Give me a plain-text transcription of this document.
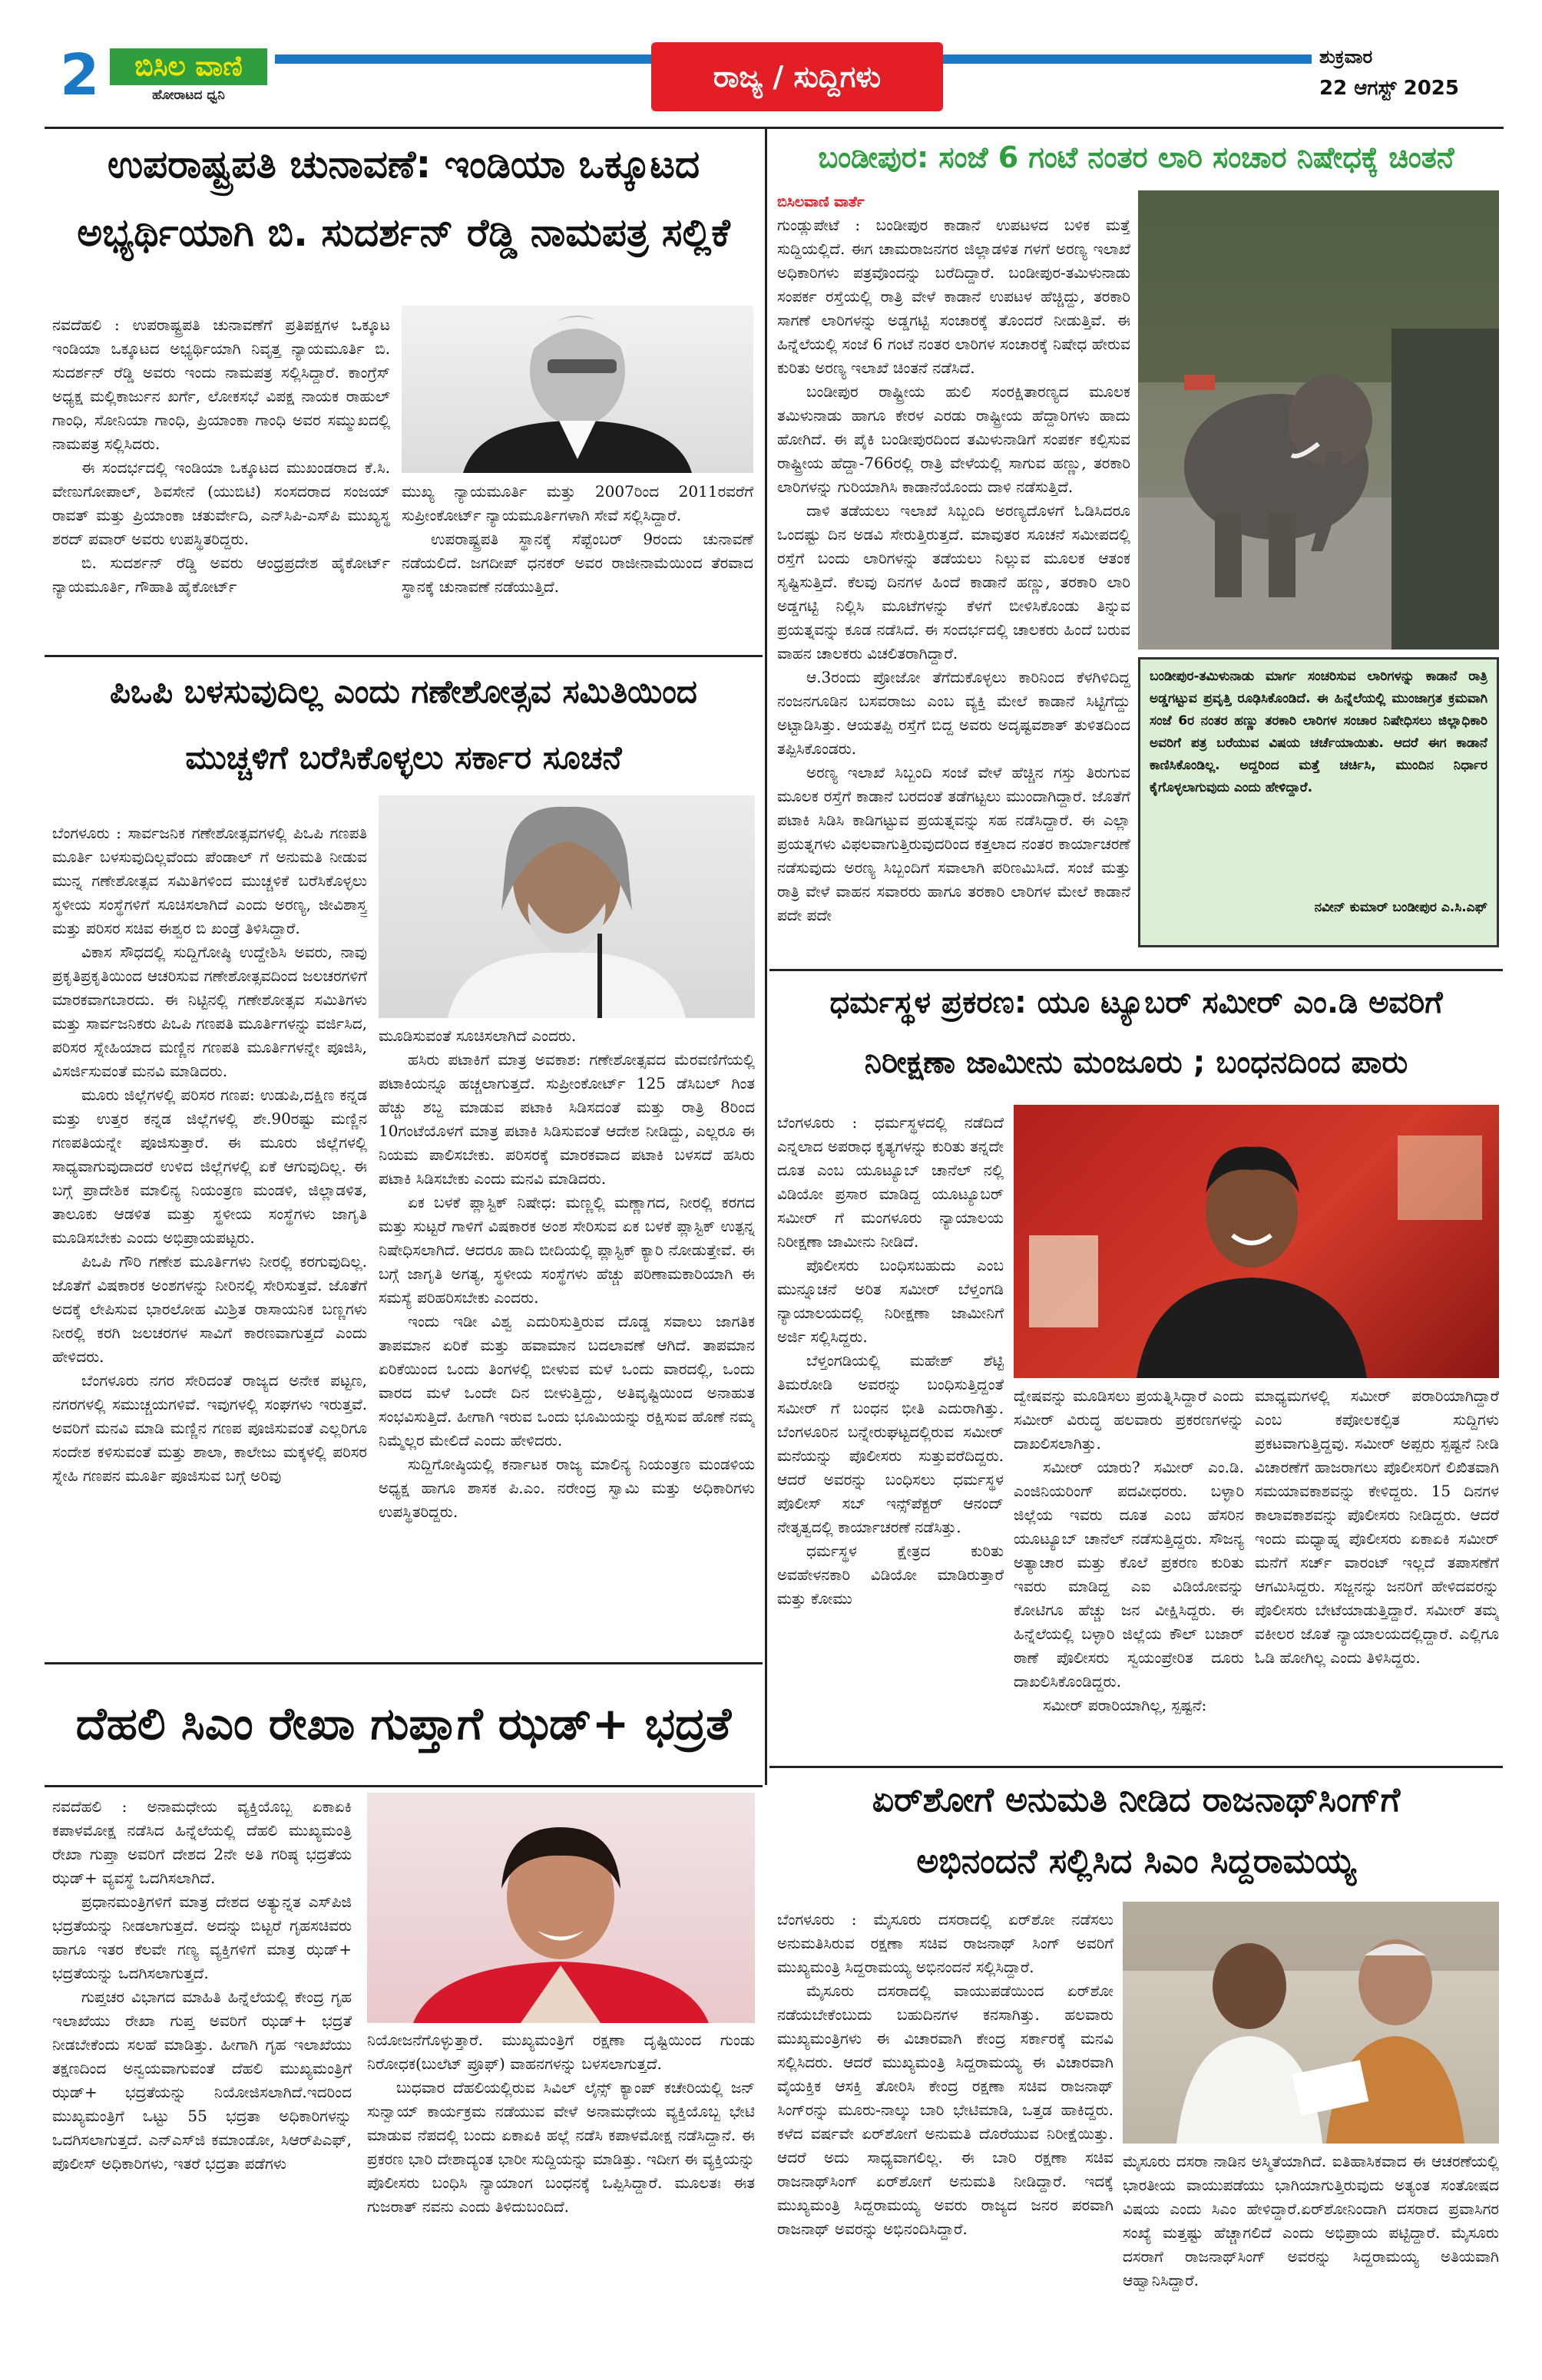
2	ಬಿಸಿಲ ವಾಣಿ
ಹೋರಾಟದ ಧ್ವನಿ
ರಾಜ್ಯ / ಸುದ್ದಿಗಳು
ಶುಕ್ರವಾರ
22 ಆಗಸ್ಟ್ 2025
ಉಪರಾಷ್ಟ್ರಪತಿ ಚುನಾವಣೆ: ಇಂಡಿಯಾ ಒಕ್ಕೂಟದ
ಅಭ್ಯರ್ಥಿಯಾಗಿ ಬಿ. ಸುದರ್ಶನ್ ರೆಡ್ಡಿ ನಾಮಪತ್ರ ಸಲ್ಲಿಕೆ

ನವದೆಹಲಿ : ಉಪರಾಷ್ಟ್ರಪತಿ ಚುನಾವಣೆಗೆ ಪ್ರತಿಪಕ್ಷಗಳ ಒಕ್ಕೂಟ ಇಂಡಿಯಾ ಒಕ್ಕೂಟದ ಅಭ್ಯರ್ಥಿಯಾಗಿ ನಿವೃತ್ತ ನ್ಯಾಯಮೂರ್ತಿ ಬಿ. ಸುದರ್ಶನ್ ರೆಡ್ಡಿ ಅವರು ಇಂದು ನಾಮಪತ್ರ ಸಲ್ಲಿಸಿದ್ದಾರೆ. ಕಾಂಗ್ರೆಸ್ ಅಧ್ಯಕ್ಷ ಮಲ್ಲಿಕಾರ್ಜುನ ಖರ್ಗೆ, ಲೋಕಸಭೆ ವಿಪಕ್ಷ ನಾಯಕ ರಾಹುಲ್ ಗಾಂಧಿ, ಸೋನಿಯಾ ಗಾಂಧಿ, ಪ್ರಿಯಾಂಕಾ ಗಾಂಧಿ ಅವರ ಸಮ್ಮುಖದಲ್ಲಿ ನಾಮಪತ್ರ ಸಲ್ಲಿಸಿದರು.

ಈ ಸಂದರ್ಭದಲ್ಲಿ ಇಂಡಿಯಾ ಒಕ್ಕೂಟದ ಮುಖಂಡರಾದ ಕೆ.ಸಿ. ವೇಣುಗೋಪಾಲ್, ಶಿವಸೇನೆ (ಯುಬಿಟಿ) ಸಂಸದರಾದ ಸಂಜಯ್ ರಾವತ್ ಮತ್ತು ಪ್ರಿಯಾಂಕಾ ಚತುರ್ವೇದಿ, ಎನ್‌ಸಿಪಿ-ಎಸ್‌ಪಿ ಮುಖ್ಯಸ್ಥ ಶರದ್ ಪವಾರ್ ಅವರು ಉಪಸ್ಥಿತರಿದ್ದರು.

ಬಿ. ಸುದರ್ಶನ್ ರೆಡ್ಡಿ ಅವರು ಆಂಧ್ರಪ್ರದೇಶ ಹೈಕೋರ್ಟ್ ನ್ಯಾಯಮೂರ್ತಿ, ಗೌಹಾತಿ ಹೈಕೋರ್ಟ್

ಮುಖ್ಯ ನ್ಯಾಯಮೂರ್ತಿ ಮತ್ತು 2007ರಿಂದ 2011ರವರೆಗೆ ಸುಪ್ರೀಂಕೋರ್ಟ್ ನ್ಯಾಯಮೂರ್ತಿಗಳಾಗಿ ಸೇವೆ ಸಲ್ಲಿಸಿದ್ದಾರೆ.

ಉಪರಾಷ್ಟ್ರಪತಿ ಸ್ಥಾನಕ್ಕೆ ಸೆಪ್ಟೆಂಬರ್ 9ರಂದು ಚುನಾವಣೆ ನಡೆಯಲಿದೆ. ಜಗದೀಪ್ ಧನಕರ್ ಅವರ ರಾಜೀನಾಮೆಯಿಂದ ತೆರವಾದ ಸ್ಥಾನಕ್ಕೆ ಚುನಾವಣೆ ನಡೆಯುತ್ತಿದೆ.

ಬಂಡೀಪುರ: ಸಂಜೆ 6 ಗಂಟೆ ನಂತರ ಲಾರಿ ಸಂಚಾರ ನಿಷೇಧಕ್ಕೆ ಚಿಂತನೆ
ಬಿಸಿಲವಾಣಿ ವಾರ್ತೆ

ಗುಂಡ್ಲುಪೇಟೆ : ಬಂಡೀಪುರ ಕಾಡಾನೆ ಉಪಟಳದ ಬಳಿಕ ಮತ್ತೆ ಸುದ್ದಿಯಲ್ಲಿದೆ. ಈಗ ಚಾಮರಾಜನಗರ ಜಿಲ್ಲಾಡಳಿತ ಗಳಗೆ ಅರಣ್ಯ ಇಲಾಖೆ ಅಧಿಕಾರಿಗಳು ಪತ್ರವೊಂದನ್ನು ಬರೆದಿದ್ದಾರೆ. ಬಂಡೀಪುರ-ತಮಿಳುನಾಡು ಸಂಪರ್ಕ ರಸ್ತೆಯಲ್ಲಿ ರಾತ್ರಿ ವೇಳೆ ಕಾಡಾನೆ ಉಪಟಳ ಹೆಚ್ಚಿದ್ದು, ತರಕಾರಿ ಸಾಗಣೆ ಲಾರಿಗಳನ್ನು ಅಡ್ಡಗಟ್ಟಿ ಸಂಚಾರಕ್ಕೆ ತೊಂದರೆ ನೀಡುತ್ತಿವೆ. ಈ ಹಿನ್ನೆಲೆಯಲ್ಲಿ ಸಂಜೆ 6 ಗಂಟೆ ನಂತರ ಲಾರಿಗಳ ಸಂಚಾರಕ್ಕೆ ನಿಷೇಧ ಹೇರುವ ಕುರಿತು ಅರಣ್ಯ ಇಲಾಖೆ ಚಿಂತನೆ ನಡೆಸಿದೆ.

ಬಂಡೀಪುರ ರಾಷ್ಟ್ರೀಯ ಹುಲಿ ಸಂರಕ್ಷಿತಾರಣ್ಯದ ಮೂಲಕ ತಮಿಳುನಾಡು ಹಾಗೂ ಕೇರಳ ಎರಡು ರಾಷ್ಟ್ರೀಯ ಹೆದ್ದಾರಿಗಳು ಹಾದು ಹೋಗಿದೆ. ಈ ಪೈಕಿ ಬಂಡೀಪುರದಿಂದ ತಮಿಳುನಾಡಿಗೆ ಸಂಪರ್ಕ ಕಲ್ಪಿಸುವ ರಾಷ್ಟ್ರೀಯ ಹೆದ್ದಾ-766ರಲ್ಲಿ ರಾತ್ರಿ ವೇಳೆಯಲ್ಲಿ ಸಾಗುವ ಹಣ್ಣು, ತರಕಾರಿ ಲಾರಿಗಳನ್ನು ಗುರಿಯಾಗಿಸಿ ಕಾಡಾನೆಯೊಂದು ದಾಳಿ ನಡೆಸುತ್ತಿದೆ.

ದಾಳಿ ತಡೆಯಲು ಇಲಾಖೆ ಸಿಬ್ಬಂದಿ ಅರಣ್ಯದೊಳಗೆ ಓಡಿಸಿದರೂ ಒಂದಷ್ಟು ದಿನ ಅಡವಿ ಸೇರುತ್ತಿರುತ್ತದೆ. ಮಾವುತರ ಸೂಚನೆ ಸಮೀಪದಲ್ಲಿ ರಸ್ತೆಗೆ ಬಂದು ಲಾರಿಗಳನ್ನು ತಡೆಯಲು ನಿಲ್ಲುವ ಮೂಲಕ ಆತಂಕ ಸೃಷ್ಟಿಸುತ್ತಿದೆ. ಕೆಲವು ದಿನಗಳ ಹಿಂದೆ ಕಾಡಾನೆ ಹಣ್ಣು, ತರಕಾರಿ ಲಾರಿ ಅಡ್ಡಗಟ್ಟಿ ನಿಲ್ಲಿಸಿ ಮೂಟೆಗಳನ್ನು ಕೆಳಗೆ ಬೀಳಿಸಿಕೊಂಡು ತಿನ್ನುವ ಪ್ರಯತ್ನವನ್ನು ಕೂಡ ನಡೆಸಿದೆ. ಈ ಸಂದರ್ಭದಲ್ಲಿ ಚಾಲಕರು ಹಿಂದೆ ಬರುವ ವಾಹನ ಚಾಲಕರು ವಿಚಲಿತರಾಗಿದ್ದಾರೆ.

ಆ.3ರಂದು ಪ್ರೋಜೋ ತೆಗೆದುಕೊಳ್ಳಲು ಕಾರಿನಿಂದ ಕೆಳಗಿಳಿದಿದ್ದ ನಂಜನಗೂಡಿನ ಬಸವರಾಜು ಎಂಬ ವ್ಯಕ್ತಿ ಮೇಲೆ ಕಾಡಾನೆ ಸಿಟ್ಟಿಗೆದ್ದು ಅಟ್ಟಾಡಿಸಿತ್ತು. ಆಯತಪ್ಪಿ ರಸ್ತೆಗೆ ಬಿದ್ದ ಅವರು ಅದೃಷ್ಟವಶಾತ್ ತುಳಿತದಿಂದ ತಪ್ಪಿಸಿಕೊಂಡರು.

ಅರಣ್ಯ ಇಲಾಖೆ ಸಿಬ್ಬಂದಿ ಸಂಜೆ ವೇಳೆ ಹೆಚ್ಚಿನ ಗಸ್ತು ತಿರುಗುವ ಮೂಲಕ ರಸ್ತೆಗೆ ಕಾಡಾನೆ ಬರದಂತೆ ತಡೆಗಟ್ಟಲು ಮುಂದಾಗಿದ್ದಾರೆ. ಜೊತೆಗೆ ಪಟಾಕಿ ಸಿಡಿಸಿ ಕಾಡಿಗಟ್ಟುವ ಪ್ರಯತ್ನವನ್ನು ಸಹ ನಡೆಸಿದ್ದಾರೆ. ಈ ಎಲ್ಲಾ ಪ್ರಯತ್ನಗಳು ವಿಫಲವಾಗುತ್ತಿರುವುದರಿಂದ ಕತ್ತಲಾದ ನಂತರ ಕಾರ್ಯಾಚರಣೆ ನಡೆಸುವುದು ಅರಣ್ಯ ಸಿಬ್ಬಂದಿಗೆ ಸವಾಲಾಗಿ ಪರಿಣಮಿಸಿದೆ. ಸಂಜೆ ಮತ್ತು ರಾತ್ರಿ ವೇಳೆ ವಾಹನ ಸವಾರರು ಹಾಗೂ ತರಕಾರಿ ಲಾರಿಗಳ ಮೇಲೆ ಕಾಡಾನೆ ಪದೇ ಪದೇ

ಬಂಡೀಪುರ-ತಮಿಳುನಾಡು ಮಾರ್ಗ ಸಂಚರಿಸುವ ಲಾರಿಗಳನ್ನು ಕಾಡಾನೆ ರಾತ್ರಿ ಅಡ್ಡಗಟ್ಟುವ ಪ್ರವೃತ್ತಿ ರೂಢಿಸಿಕೊಂಡಿದೆ. ಈ ಹಿನ್ನೆಲೆಯಲ್ಲಿ ಮುಂಜಾಗ್ರತ ಕ್ರಮವಾಗಿ ಸಂಜೆ 6ರ ನಂತರ ಹಣ್ಣು ತರಕಾರಿ ಲಾರಿಗಳ ಸಂಚಾರ ನಿಷೇಧಿಸಲು ಜಿಲ್ಲಾಧಿಕಾರಿ ಅವರಿಗೆ ಪತ್ರ ಬರೆಯುವ ವಿಷಯ ಚರ್ಚೆಯಾಯಿತು. ಆದರೆ ಈಗ ಕಾಡಾನೆ ಕಾಣಿಸಿಕೊಂಡಿಲ್ಲ. ಅದ್ದರಿಂದ ಮತ್ತೆ ಚರ್ಚಿಸಿ, ಮುಂದಿನ ನಿರ್ಧಾರ ಕೈಗೊಳ್ಳಲಾಗುವುದು ಎಂದು ಹೇಳಿದ್ದಾರೆ.
ನವೀನ್ ಕುಮಾರ್ ಬಂಡೀಪುರ ಎ.ಸಿ.ಎಫ್

ಪಿಒಪಿ ಬಳಸುವುದಿಲ್ಲ ಎಂದು ಗಣೇಶೋತ್ಸವ ಸಮಿತಿಯಿಂದ
ಮುಚ್ಚಳಿಗೆ ಬರೆಸಿಕೊಳ್ಳಲು ಸರ್ಕಾರ ಸೂಚನೆ

ಬೆಂಗಳೂರು : ಸಾರ್ವಜನಿಕ ಗಣೇಶೋತ್ಸವಗಳಲ್ಲಿ ಪಿಒಪಿ ಗಣಪತಿ ಮೂರ್ತಿ ಬಳಸುವುದಿಲ್ಲವೆಂದು ಪೆಂಡಾಲ್ ಗೆ ಅನುಮತಿ ನೀಡುವ ಮುನ್ನ ಗಣೇಶೋತ್ಸವ ಸಮಿತಿಗಳಿಂದ ಮುಚ್ಚಳಿಕೆ ಬರೆಸಿಕೊಳ್ಳಲು ಸ್ಥಳೀಯ ಸಂಸ್ಥೆಗಳಿಗೆ ಸೂಚಿಸಲಾಗಿದೆ ಎಂದು ಅರಣ್ಯ, ಜೀವಿಶಾಸ್ತ್ರ ಮತ್ತು ಪರಿಸರ ಸಚಿವ ಈಶ್ವರ ಬಿ ಖಂಡ್ರೆ ತಿಳಿಸಿದ್ದಾರೆ.

ವಿಕಾಸ ಸೌಧದಲ್ಲಿ ಸುದ್ದಿಗೋಷ್ಠಿ ಉದ್ದೇಶಿಸಿ ಅವರು, ನಾವು ಪ್ರಕೃತಿಪ್ರಕೃತಿಯಿಂದ ಆಚರಿಸುವ ಗಣೇಶೋತ್ಸವದಿಂದ ಜಲಚರಗಳಿಗೆ ಮಾರಕವಾಗಬಾರದು. ಈ ನಿಟ್ಟಿನಲ್ಲಿ ಗಣೇಶೋತ್ಸವ ಸಮಿತಿಗಳು ಮತ್ತು ಸಾರ್ವಜನಿಕರು ಪಿಒಪಿ ಗಣಪತಿ ಮೂರ್ತಿಗಳನ್ನು ವರ್ಜಿಸಿದ, ಪರಿಸರ ಸ್ನೇಹಿಯಾದ ಮಣ್ಣಿನ ಗಣಪತಿ ಮೂರ್ತಿಗಳನ್ನೇ ಪೂಜಿಸಿ, ವಿಸರ್ಜಿಸುವಂತೆ ಮನವಿ ಮಾಡಿದರು.

ಮೂರು ಜಿಲ್ಲೆಗಳಲ್ಲಿ ಪರಿಸರ ಗಣಪ: ಉಡುಪಿ,ದಕ್ಷಿಣ ಕನ್ನಡ ಮತ್ತು ಉತ್ತರ ಕನ್ನಡ ಜಿಲ್ಲೆಗಳಲ್ಲಿ ಶೇ.90ರಷ್ಟು ಮಣ್ಣಿನ ಗಣಪತಿಯನ್ನೇ ಪೂಜಿಸುತ್ತಾರೆ. ಈ ಮೂರು ಜಿಲ್ಲೆಗಳಲ್ಲಿ ಸಾಧ್ಯವಾಗುವುದಾದರೆ ಉಳಿದ ಜಿಲ್ಲೆಗಳಲ್ಲಿ ಏಕೆ ಆಗುವುದಿಲ್ಲ. ಈ ಬಗ್ಗೆ ಪ್ರಾದೇಶಿಕ ಮಾಲಿನ್ಯ ನಿಯಂತ್ರಣ ಮಂಡಳಿ, ಜಿಲ್ಲಾಡಳಿತ, ತಾಲೂಕು ಆಡಳಿತ ಮತ್ತು ಸ್ಥಳೀಯ ಸಂಸ್ಥೆಗಳು ಜಾಗೃತಿ ಮೂಡಿಸಬೇಕು ಎಂದು ಅಭಿಪ್ರಾಯಪಟ್ಟರು.

ಪಿಒಪಿ ಗೌರಿ ಗಣೇಶ ಮೂರ್ತಿಗಳು ನೀರಲ್ಲಿ ಕರಗುವುದಿಲ್ಲ. ಜೊತೆಗೆ ವಿಷಕಾರಕ ಅಂಶಗಳನ್ನು ನೀರಿನಲ್ಲಿ ಸೇರಿಸುತ್ತವೆ. ಜೊತೆಗೆ ಅದಕ್ಕೆ ಲೇಪಿಸುವ ಭಾರಲೋಹ ಮಿಶ್ರಿತ ರಾಸಾಯನಿಕ ಬಣ್ಣಗಳು ನೀರಲ್ಲಿ ಕರಗಿ ಜಲಚರಗಳ ಸಾವಿಗೆ ಕಾರಣವಾಗುತ್ತದೆ ಎಂದು ಹೇಳಿದರು.

ಬೆಂಗಳೂರು ನಗರ ಸೇರಿದಂತೆ ರಾಜ್ಯದ ಅನೇಕ ಪಟ್ಟಣ, ನಗರಗಳಲ್ಲಿ ಸಮುಚ್ಚಯಗಳಿವೆ. ಇವುಗಳಲ್ಲಿ ಸಂಘಗಳು ಇರುತ್ತವೆ. ಅವರಿಗೆ ಮನವಿ ಮಾಡಿ ಮಣ್ಣಿನ ಗಣಪ ಪೂಜಿಸುವಂತೆ ಎಲ್ಲರಿಗೂ ಸಂದೇಶ ಕಳಿಸುವಂತೆ ಮತ್ತು ಶಾಲಾ, ಕಾಲೇಜು ಮಕ್ಕಳಲ್ಲಿ ಪರಿಸರ ಸ್ನೇಹಿ ಗಣಪನ ಮೂರ್ತಿ ಪೂಜಿಸುವ ಬಗ್ಗೆ ಅರಿವು

ಮೂಡಿಸುವಂತೆ ಸೂಚಿಸಲಾಗಿದೆ ಎಂದರು.

ಹಸಿರು ಪಟಾಕಿಗೆ ಮಾತ್ರ ಅವಕಾಶ: ಗಣೇಶೋತ್ಸವದ ಮೆರವಣಿಗೆಯಲ್ಲಿ ಪಟಾಕಿಯನ್ನೂ ಹಚ್ಚಲಾಗುತ್ತದೆ. ಸುಪ್ರೀಂಕೋರ್ಟ್ 125 ಡೆಸಿಬಲ್ ಗಿಂತ ಹೆಚ್ಚು ಶಬ್ದ ಮಾಡುವ ಪಟಾಕಿ ಸಿಡಿಸದಂತೆ ಮತ್ತು ರಾತ್ರಿ 8ರಿಂದ 10ಗಂಟೆಯೊಳಗೆ ಮಾತ್ರ ಪಟಾಕಿ ಸಿಡಿಸುವಂತೆ ಆದೇಶ ನೀಡಿದ್ದು, ಎಲ್ಲರೂ ಈ ನಿಯಮ ಪಾಲಿಸಬೇಕು. ಪರಿಸರಕ್ಕೆ ಮಾರಕವಾದ ಪಟಾಕಿ ಬಳಸದೆ ಹಸಿರು ಪಟಾಕಿ ಸಿಡಿಸಬೇಕು ಎಂದು ಮನವಿ ಮಾಡಿದರು.

ಏಕ ಬಳಕೆ ಪ್ಲಾಸ್ಟಿಕ್ ನಿಷೇಧ: ಮಣ್ಣಲ್ಲಿ ಮಣ್ಣಾಗದ, ನೀರಲ್ಲಿ ಕರಗದ ಮತ್ತು ಸುಟ್ಟರೆ ಗಾಳಿಗೆ ವಿಷಕಾರಕ ಅಂಶ ಸೇರಿಸುವ ಏಕ ಬಳಕೆ ಪ್ಲಾಸ್ಟಿಕ್ ಉತ್ಪನ್ನ ನಿಷೇಧಿಸಲಾಗಿದೆ. ಆದರೂ ಹಾದಿ ಬೀದಿಯಲ್ಲಿ ಪ್ಲಾಸ್ಟಿಕ್ ಕ್ಯಾರಿ ನೋಡುತ್ತೇವೆ. ಈ ಬಗ್ಗೆ ಜಾಗೃತಿ ಅಗತ್ಯ, ಸ್ಥಳೀಯ ಸಂಸ್ಥೆಗಳು ಹೆಚ್ಚು ಪರಿಣಾಮಕಾರಿಯಾಗಿ ಈ ಸಮಸ್ಯೆ ಪರಿಹರಿಸಬೇಕು ಎಂದರು.

ಇಂದು ಇಡೀ ವಿಶ್ವ ಎದುರಿಸುತ್ತಿರುವ ದೊಡ್ಡ ಸವಾಲು ಜಾಗತಿಕ ತಾಪಮಾನ ಏರಿಕೆ ಮತ್ತು ಹವಾಮಾನ ಬದಲಾವಣೆ ಆಗಿದೆ. ತಾಪಮಾನ ಏರಿಕೆಯಿಂದ ಒಂದು ತಿಂಗಳಲ್ಲಿ ಬೀಳುವ ಮಳೆ ಒಂದು ವಾರದಲ್ಲಿ, ಒಂದು ವಾರದ ಮಳೆ ಒಂದೇ ದಿನ ಬೀಳುತ್ತಿದ್ದು, ಅತಿವೃಷ್ಟಿಯಿಂದ ಅನಾಹುತ ಸಂಭವಿಸುತ್ತಿದೆ. ಹೀಗಾಗಿ ಇರುವ ಒಂದು ಭೂಮಿಯನ್ನು ರಕ್ಷಿಸುವ ಹೊಣೆ ನಮ್ಮ ನಿಮ್ಮೆಲ್ಲರ ಮೇಲಿದೆ ಎಂದು ಹೇಳಿದರು.

ಸುದ್ದಿಗೋಷ್ಠಿಯಲ್ಲಿ ಕರ್ನಾಟಕ ರಾಜ್ಯ ಮಾಲಿನ್ಯ ನಿಯಂತ್ರಣ ಮಂಡಳಿಯ ಅಧ್ಯಕ್ಷ ಹಾಗೂ ಶಾಸಕ ಪಿ.ಎಂ. ನರೇಂದ್ರ ಸ್ವಾಮಿ ಮತ್ತು ಅಧಿಕಾರಿಗಳು ಉಪಸ್ಥಿತರಿದ್ದರು.

ಧರ್ಮಸ್ಥಳ ಪ್ರಕರಣ: ಯೂ ಟ್ಯೂಬರ್ ಸಮೀರ್ ಎಂ.ಡಿ ಅವರಿಗೆ
ನಿರೀಕ್ಷಣಾ ಜಾಮೀನು ಮಂಜೂರು ; ಬಂಧನದಿಂದ ಪಾರು

ಬೆಂಗಳೂರು : ಧರ್ಮಸ್ಥಳದಲ್ಲಿ ನಡೆದಿದೆ ಎನ್ನಲಾದ ಅಪರಾಧ ಕೃತ್ಯಗಳನ್ನು ಕುರಿತು ತನ್ನದೇ ದೂತ ಎಂಬ ಯೂಟ್ಯೂಬ್ ಚಾನೆಲ್ ನಲ್ಲಿ ವಿಡಿಯೋ ಪ್ರಸಾರ ಮಾಡಿದ್ದ ಯೂಟ್ಯೂಬರ್ ಸಮೀರ್ ಗೆ ಮಂಗಳೂರು ನ್ಯಾಯಾಲಯ ನಿರೀಕ್ಷಣಾ ಜಾಮೀನು ನೀಡಿದೆ.

ಪೊಲೀಸರು ಬಂಧಿಸಬಹುದು ಎಂಬ ಮುನ್ನೂಚನೆ ಅರಿತ ಸಮೀರ್ ಬೆಳ್ತಂಗಡಿ ನ್ಯಾಯಾಲಯದಲ್ಲಿ ನಿರೀಕ್ಷಣಾ ಜಾಮೀನಿಗೆ ಅರ್ಜಿ ಸಲ್ಲಿಸಿದ್ದರು.

ಬೆಳ್ತಂಗಡಿಯಲ್ಲಿ ಮಹೇಶ್ ಶೆಟ್ಟಿ ತಿಮರೋಡಿ ಅವರನ್ನು ಬಂಧಿಸುತ್ತಿದ್ದಂತೆ ಸಮೀರ್ ಗೆ ಬಂಧನ ಭೀತಿ ಎದುರಾಗಿತ್ತು. ಬೆಂಗಳೂರಿನ ಬನ್ನೇರುಘಟ್ಟದಲ್ಲಿರುವ ಸಮೀರ್ ಮನೆಯನ್ನು ಪೊಲೀಸರು ಸುತ್ತುವರೆದಿದ್ದರು. ಆದರೆ ಅವರನ್ನು ಬಂಧಿಸಲು ಧರ್ಮಸ್ಥಳ ಪೊಲೀಸ್ ಸಬ್ ಇನ್ಸ್‌ಪೆಕ್ಟರ್ ಆನಂದ್ ನೇತೃತ್ವದಲ್ಲಿ ಕಾರ್ಯಾಚರಣೆ ನಡೆಸಿತ್ತು.

ಧರ್ಮಸ್ಥಳ ಕ್ಷೇತ್ರದ ಕುರಿತು ಅವಹೇಳನಕಾರಿ ವಿಡಿಯೋ ಮಾಡಿರುತ್ತಾರೆ ಮತ್ತು ಕೋಮು

ದ್ವೇಷವನ್ನು ಮೂಡಿಸಲು ಪ್ರಯತ್ನಿಸಿದ್ದಾರೆ ಎಂದು ಸಮೀರ್ ವಿರುದ್ಧ ಹಲವಾರು ಪ್ರಕರಣಗಳನ್ನು ದಾಖಲಿಸಲಾಗಿತ್ತು.

ಸಮೀರ್ ಯಾರು? ಸಮೀರ್ ಎಂ.ಡಿ. ಎಂಜಿನಿಯರಿಂಗ್ ಪದವೀಧರರು. ಬಳ್ಳಾರಿ ಜಿಲ್ಲೆಯ ಇವರು ದೂತ ಎಂಬ ಹೆಸರಿನ ಯೂಟ್ಯೂಬ್ ಚಾನೆಲ್ ನಡೆಸುತ್ತಿದ್ದರು. ಸೌಜನ್ಯ ಅತ್ಯಾಚಾರ ಮತ್ತು ಕೊಲೆ ಪ್ರಕರಣ ಕುರಿತು ಇವರು ಮಾಡಿದ್ದ ಎಐ ವಿಡಿಯೋವನ್ನು ಕೋಟಿಗೂ ಹೆಚ್ಚು ಜನ ವೀಕ್ಷಿಸಿದ್ದರು. ಈ ಹಿನ್ನೆಲೆಯಲ್ಲಿ ಬಳ್ಳಾರಿ ಜಿಲ್ಲೆಯ ಕೌಲ್ ಬಜಾರ್ ಠಾಣೆ ಪೊಲೀಸರು ಸ್ವಯಂಪ್ರೇರಿತ ದೂರು ದಾಖಲಿಸಿಕೊಂಡಿದ್ದರು.

ಸಮೀರ್ ಪರಾರಿಯಾಗಿಲ್ಲ, ಸ್ಪಷ್ಟನೆ:

ಮಾಧ್ಯಮಗಳಲ್ಲಿ ಸಮೀರ್ ಪರಾರಿಯಾಗಿದ್ದಾರೆ ಎಂಬ ಕಪೋಲಕಲ್ಪಿತ ಸುದ್ದಿಗಳು ಪ್ರಕಟವಾಗುತ್ತಿದ್ದವು. ಸಮೀರ್ ಅಪ್ಪರು ಸ್ಪಷ್ಟನೆ ನೀಡಿ ವಿಚಾರಣೆಗೆ ಹಾಜರಾಗಲು ಪೊಲೀಸರಿಗೆ ಲಿಖಿತವಾಗಿ ಸಮಯಾವಕಾಶವನ್ನು ಕೇಳಿದ್ದರು. 15 ದಿನಗಳ ಕಾಲಾವಕಾಶವನ್ನು ಪೊಲೀಸರು ನೀಡಿದ್ದರು. ಆದರೆ ಇಂದು ಮಧ್ಯಾಹ್ನ ಪೊಲೀಸರು ಏಕಾಏಕಿ ಸಮೀರ್ ಮನೆಗೆ ಸರ್ಚ್ ವಾರಂಟ್ ಇಲ್ಲದೆ ತಪಾಸಣೆಗೆ ಆಗಮಿಸಿದ್ದರು. ಸಜ್ಜನನ್ನು ಜನರಿಗೆ ಹೇಳಿದವರನ್ನು ಪೊಲೀಸರು ಬೇಟೆಯಾಡುತ್ತಿದ್ದಾರೆ. ಸಮೀರ್ ತಮ್ಮ ವಕೀಲರ ಜೊತೆ ನ್ಯಾಯಾಲಯದಲ್ಲಿದ್ದಾರೆ. ಎಲ್ಲಿಗೂ ಓಡಿ ಹೋಗಿಲ್ಲ ಎಂದು ತಿಳಿಸಿದ್ದರು.

ದೆಹಲಿ ಸಿಎಂ ರೇಖಾ ಗುಪ್ತಾಗೆ ಝಡ್+ ಭದ್ರತೆ

ನವದೆಹಲಿ : ಅನಾಮಧೇಯ ವ್ಯಕ್ತಿಯೊಬ್ಬ ಏಕಾಏಕಿ ಕಪಾಳಮೋಕ್ಷ ನಡೆಸಿದ ಹಿನ್ನೆಲೆಯಲ್ಲಿ ದೆಹಲಿ ಮುಖ್ಯಮಂತ್ರಿ ರೇಖಾ ಗುಪ್ತಾ ಅವರಿಗೆ ದೇಶದ 2ನೇ ಅತಿ ಗರಿಷ್ಠ ಭದ್ರತೆಯ ಝಡ್+ ವ್ಯವಸ್ಥೆ ಒದಗಿಸಲಾಗಿದೆ.

ಪ್ರಧಾನಮಂತ್ರಿಗಳಿಗೆ ಮಾತ್ರ ದೇಶದ ಅತ್ಯುನ್ನತ ಎಸ್‌ಪಿಜಿ ಭದ್ರತೆಯನ್ನು ನೀಡಲಾಗುತ್ತದೆ. ಅದನ್ನು ಬಿಟ್ಟರೆ ಗೃಹಸಚಿವರು ಹಾಗೂ ಇತರ ಕೆಲವೇ ಗಣ್ಯ ವ್ಯಕ್ತಿಗಳಿಗೆ ಮಾತ್ರ ಝಡ್+ ಭದ್ರತೆಯನ್ನು ಒದಗಿಸಲಾಗುತ್ತದೆ.

ಗುಪ್ತಚರ ವಿಭಾಗದ ಮಾಹಿತಿ ಹಿನ್ನೆಲೆಯಲ್ಲಿ ಕೇಂದ್ರ ಗೃಹ ಇಲಾಖೆಯು ರೇಖಾ ಗುಪ್ತ ಅವರಿಗೆ ಝಡ್+ ಭದ್ರತೆ ನೀಡಬೇಕೆಂದು ಸಲಹೆ ಮಾಡಿತ್ತು. ಹೀಗಾಗಿ ಗೃಹ ಇಲಾಖೆಯು ತಕ್ಷಣದಿಂದ ಅನ್ವಯವಾಗುವಂತೆ ದೆಹಲಿ ಮುಖ್ಯಮಂತ್ರಿಗೆ ಝಡ್+ ಭದ್ರತೆಯನ್ನು ನಿಯೋಜಿಸಲಾಗಿದೆ.ಇದರಿಂದ ಮುಖ್ಯಮಂತ್ರಿಗೆ ಒಟ್ಟು 55 ಭದ್ರತಾ ಅಧಿಕಾರಿಗಳನ್ನು ಒದಗಿಸಲಾಗುತ್ತದೆ. ಎನ್‌ಎಸ್‌ಜಿ ಕಮಾಂಡೋ, ಸಿಆರ್‌ಪಿಎಫ್, ಪೊಲೀಸ್ ಅಧಿಕಾರಿಗಳು, ಇತರೆ ಭದ್ರತಾ ಪಡೆಗಳು

ನಿಯೋಜನೆಗೊಳ್ಳುತ್ತಾರೆ. ಮುಖ್ಯಮಂತ್ರಿಗೆ ರಕ್ಷಣಾ ದೃಷ್ಟಿಯಿಂದ ಗುಂಡು ನಿರೋಧಕ(ಬುಲೆಟ್ ಪ್ರೂಫ್) ವಾಹನಗಳನ್ನು ಬಳಸಲಾಗುತ್ತದೆ.

ಬುಧವಾರ ದೆಹಲಿಯಲ್ಲಿರುವ ಸಿವಿಲ್ ಲೈನ್ಸ್ ಕ್ಯಾಂಪ್ ಕಚೇರಿಯಲ್ಲಿ ಜನ್ ಸುನ್ವಾಯ್ ಕಾರ್ಯಕ್ರಮ ನಡೆಯುವ ವೇಳೆ ಅನಾಮಧೇಯ ವ್ಯಕ್ತಿಯೊಬ್ಬ ಭೇಟಿ ಮಾಡುವ ನೆಪದಲ್ಲಿ ಬಂದು ಏಕಾಏಕಿ ಹಲ್ಲೆ ನಡೆಸಿ ಕಪಾಳಮೋಕ್ಷ ನಡೆಸಿದ್ದಾನೆ. ಈ ಪ್ರಕರಣ ಭಾರಿ ದೇಶಾದ್ಯಂತ ಭಾರೀ ಸುದ್ದಿಯನ್ನು ಮಾಡಿತ್ತು. ಇದೀಗ ಈ ವ್ಯಕ್ತಿಯನ್ನು ಪೊಲೀಸರು ಬಂಧಿಸಿ ನ್ಯಾಯಾಂಗ ಬಂಧನಕ್ಕೆ ಒಪ್ಪಿಸಿದ್ದಾರೆ. ಮೂಲತಃ ಈತ ಗುಜರಾತ್ ನವನು ಎಂದು ತಿಳಿದುಬಂದಿದೆ.

ಏರ್‌ಶೋಗೆ ಅನುಮತಿ ನೀಡಿದ ರಾಜನಾಥ್‌ಸಿಂಗ್‌ಗೆ
ಅಭಿನಂದನೆ ಸಲ್ಲಿಸಿದ ಸಿಎಂ ಸಿದ್ದರಾಮಯ್ಯ

ಬೆಂಗಳೂರು : ಮೈಸೂರು ದಸರಾದಲ್ಲಿ ಏರ್‌ಶೋ ನಡೆಸಲು ಅನುಮತಿಸಿರುವ ರಕ್ಷಣಾ ಸಚಿವ ರಾಜನಾಥ್ ಸಿಂಗ್ ಅವರಿಗೆ ಮುಖ್ಯಮಂತ್ರಿ ಸಿದ್ದರಾಮಯ್ಯ ಅಭಿನಂದನೆ ಸಲ್ಲಿಸಿದ್ದಾರೆ.

ಮೈಸೂರು ದಸರಾದಲ್ಲಿ ವಾಯುಪಡೆಯಿಂದ ಏರ್‌ಶೋ ನಡೆಯಬೇಕೆಂಬುದು ಬಹುದಿನಗಳ ಕನಸಾಗಿತ್ತು. ಹಲವಾರು ಮುಖ್ಯಮಂತ್ರಿಗಳು ಈ ವಿಚಾರವಾಗಿ ಕೇಂದ್ರ ಸರ್ಕಾರಕ್ಕೆ ಮನವಿ ಸಲ್ಲಿಸಿದರು. ಆದರೆ ಮುಖ್ಯಮಂತ್ರಿ ಸಿದ್ದರಾಮಯ್ಯ ಈ ವಿಚಾರವಾಗಿ ವೈಯಕ್ತಿಕ ಆಸಕ್ತಿ ತೋರಿಸಿ ಕೇಂದ್ರ ರಕ್ಷಣಾ ಸಚಿವ ರಾಜನಾಥ್ ಸಿಂಗ್‌ರನ್ನು ಮೂರು-ನಾಲ್ಕು ಬಾರಿ ಭೇಟಿಮಾಡಿ, ಒತ್ತಡ ಹಾಕಿದ್ದರು. ಕಳೆದ ವರ್ಷವೇ ಏರ್‌ಶೋಗೆ ಅನುಮತಿ ದೊರೆಯುವ ನಿರೀಕ್ಷೆಯಿತ್ತು. ಆದರೆ ಅದು ಸಾಧ್ಯವಾಗಲಿಲ್ಲ. ಈ ಬಾರಿ ರಕ್ಷಣಾ ಸಚಿವ ರಾಜನಾಥ್‌ಸಿಂಗ್ ಏರ್‌ಶೋಗೆ ಅನುಮತಿ ನೀಡಿದ್ದಾರೆ. ಇದಕ್ಕೆ ಮುಖ್ಯಮಂತ್ರಿ ಸಿದ್ದರಾಮಯ್ಯ ಅವರು ರಾಜ್ಯದ ಜನರ ಪರವಾಗಿ ರಾಜನಾಥ್ ಅವರನ್ನು ಅಭಿನಂದಿಸಿದ್ದಾರೆ.

ಮೈಸೂರು ದಸರಾ ನಾಡಿನ ಅಸ್ಮಿತೆಯಾಗಿದೆ. ಐತಿಹಾಸಿಕವಾದ ಈ ಆಚರಣೆಯಲ್ಲಿ ಭಾರತೀಯ ವಾಯುಪಡೆಯು ಭಾಗಿಯಾಗುತ್ತಿರುವುದು ಅತ್ಯಂತ ಸಂತೋಷದ ವಿಷಯ ಎಂದು ಸಿಎಂ ಹೇಳಿದ್ದಾರೆ.ಏರ್‌ಶೋನಿಂದಾಗಿ ದಸರಾದ ಪ್ರವಾಸಿಗರ ಸಂಖ್ಯೆ ಮತ್ತಷ್ಟು ಹೆಚ್ಚಾಗಲಿದೆ ಎಂದು ಅಭಿಪ್ರಾಯ ಪಟ್ಟಿದ್ದಾರೆ. ಮೈಸೂರು ದಸರಾಗೆ ರಾಜನಾಥ್‌ಸಿಂಗ್ ಅವರನ್ನು ಸಿದ್ದರಾಮಯ್ಯ ಅತಿಯವಾಗಿ ಆಹ್ವಾನಿಸಿದ್ದಾರೆ.
